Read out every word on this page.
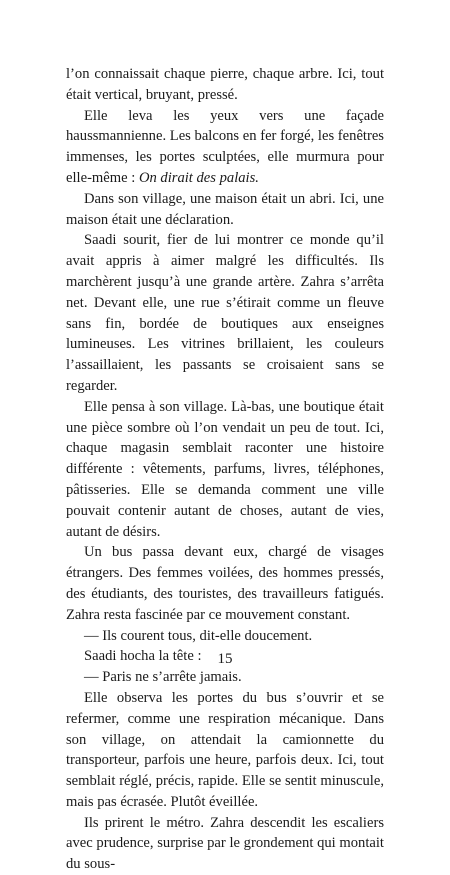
l’on connaissait chaque pierre, chaque arbre. Ici, tout était vertical, bruyant, pressé.

Elle leva les yeux vers une façade haussmannienne. Les balcons en fer forgé, les fenêtres immenses, les portes sculptées, elle murmura pour elle-même : On dirait des palais.

Dans son village, une maison était un abri. Ici, une maison était une déclaration.

Saadi sourit, fier de lui montrer ce monde qu’il avait appris à aimer malgré les difficultés. Ils marchèrent jusqu’à une grande artère. Zahra s’arrêta net. Devant elle, une rue s’étirait comme un fleuve sans fin, bordée de boutiques aux enseignes lumineuses. Les vitrines brillaient, les couleurs l’assaillaient, les passants se croisaient sans se regarder.

Elle pensa à son village. Là-bas, une boutique était une pièce sombre où l’on vendait un peu de tout. Ici, chaque magasin semblait raconter une histoire différente : vêtements, parfums, livres, téléphones, pâtisseries. Elle se demanda comment une ville pouvait contenir autant de choses, autant de vies, autant de désirs.

Un bus passa devant eux, chargé de visages étrangers. Des femmes voilées, des hommes pressés, des étudiants, des touristes, des travailleurs fatigués. Zahra resta fascinée par ce mouvement constant.

— Ils courent tous, dit-elle doucement.

Saadi hocha la tête :

— Paris ne s’arrête jamais.

Elle observa les portes du bus s’ouvrir et se refermer, comme une respiration mécanique. Dans son village, on attendait la camionnette du transporteur, parfois une heure, parfois deux. Ici, tout semblait réglé, précis, rapide. Elle se sentit minuscule, mais pas écrasée. Plutôt éveillée.

Ils prirent le métro. Zahra descendit les escaliers avec prudence, surprise par le grondement qui montait du sous-

15
